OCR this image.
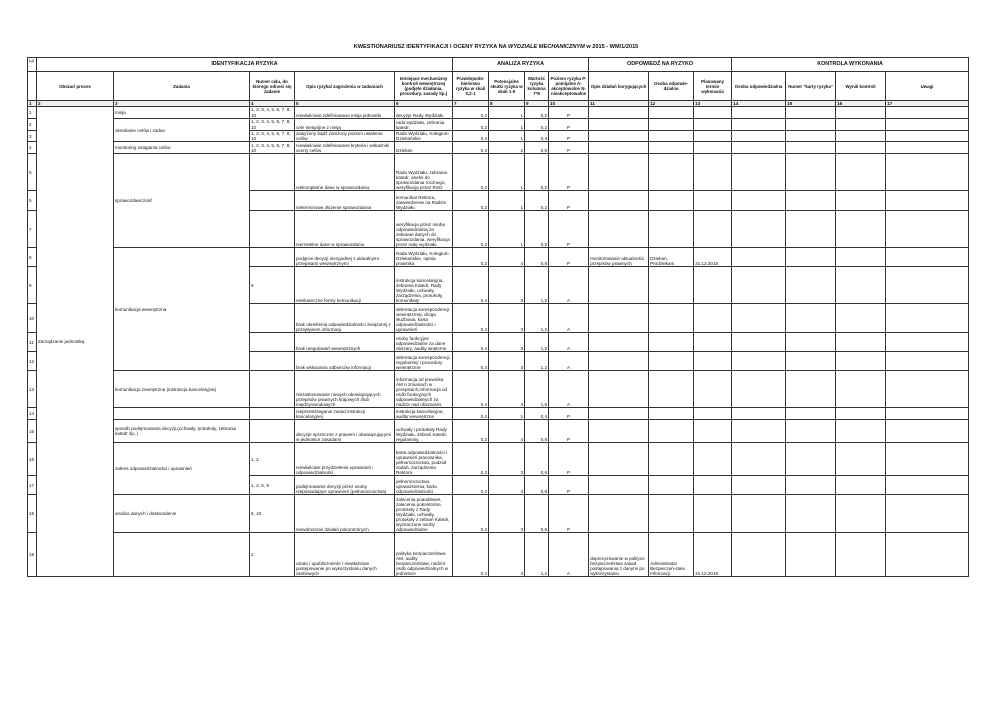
KWESTIONARIUSZ IDENTYFIKACJI I OCENY RYZYKA NA WYDZIALE MECHANICZNYM w 2015 - WM/1/2015
Lp
..	IDENTYFIKACJA RYZYKA					ANALIZA RYZYKA				ODPOWIEDŹ NA RYZYKO			KONTROLA WYKONANIA			
	Obszar/ proces	Zadania	Numer celu, do którego odnosi się zadanie	Opis ryzyka/ zagrożenia w zadaniach	Istniejące mechanizmy kontroli wewnętrznej (podjęte działania, procedury, zasady itp.)	Prawdopodo-bieństwo ryzyka w skali 0,2-1	Potencjalne skutki ryzyka w skali 1-5	Wartość ryzyka kolumna 7*8	Poziom ryzyka P-pomijalne A-akceptowalne N-nieakceptowalne	Opis działań korygujących	Osoba odpowie-dzialna	Planowany termin wykonania	Osoba odpowiedzialna	Numer "karty ryzyka"	Wynik kontroli	Uwagi
1	2	3	4	5	6	7	8	9	10	11	12	13	14	15	16	17
1	Zarządzanie jednostką	misja	1, 2, 3, 4, 5, 6, 7, 8, 10	niewłaściwie zdefiniowana misja jednostki	decyzje Rady Wydziału	0,2	1	0,2	P							
2		okreslanie celów i zadan	1, 2, 3, 4, 5, 6, 7, 8, 10	cele niespójne z misją	rada wydziału, zebrania katedr,	0,2	1	0,2	P							
3			1, 2, 3, 4, 5, 6, 7, 8, 10	zawyżony bądź zaniżony poziom ustalenia celów	Rada Wydziału, Kolegium Dziekańskie	0,4	1	0,4	P							
4		monitoring osiągania celów	1, 2, 3, 4, 5, 6, 7, 8, 10	niewłaściwie zdefiniowane kryteria i wskaźniki oceny celów	Dziekan	0,4	2	0,8	P							
5		sprawozdawczość		niekompletne dane w sprawozdaniu,	Rada Wydziału, zebrania katedr, aneks do sprawozdania rocznego, weryfikacja przez RSO	0,2	1	0,2	P							
6				nieterminowe złożenie sprawozdania	komunikat Rektora, zatwierdzenie na Radzie Wydziału	0,2	1	0,2	P							
7				nierzetelne dane w sprawozdaniu	weryfikacja przez osobę odpowiedzialną za zebranie danych do sprawozdania, weryfikacja przez radę wydziału	0,2	1	0,2	P							
8		komunikacja wewnętrzna		podjęcie decyzji niezgodnej z aktualnymi przepisami wewnętrznymi	Rada Wydziału, Kolegium Dziekańskie, opinia prawnika	0,2	4	0,8	P	monitorowanie aktualności przepisów prawnych	Dziekan, Prodziekani	31.12.2015				
9			9	nieskuteczne formy komunikacji	instrukcja kancelaryjna, zebrania Katedr, Rady Wydziału, uchwały, zarządzenia, protokoły, komunikaty	0,4	3	1,2	A							
10				brak określenia odpowiedzialności związanej z przepływem informacji	dekretacja korespondencji wewnętrznej, droga służbowa, karta odpowiedzialności i uprawnień	0,4	3	1,2	A							
11				brak uregulowań wewnętrznych	osoby funkcyjne odpowiedzialne za dane obszary, audity wnętrzne	0,4	3	1,2	A							
12				brak wskazania odbiorców informacji	dekretacja korespondencji, regulaminy i procedury wewnętrzne	0,4	3	1,2	A							
13		komunikacja zewnętrzna (instrukcja kancelaryjna)		niezastosowanie nowych obowiązujących przepisów prawnych krajowych i/lub międzynarodowych	informacja od prawnika AM o zmianach w przepisach,informacja od osób funkcyjnych odpowiedzialnych za nadzór nad obszarami	0,4	4	1,6	A							
14				nieprzestrzeganie zasad instrukcji kancelaryjnej	instrukcja kancelaryjna, audity wewnętrzne	0,4	1	0,4	P							
15		sposób podejmowania decyzji,(uchwały, protokoły, zebrania katedr itp..)		decyzje sprzeczne z prawem i obowiązującymi w jednostce zasadami	uchwały i protokoły Rady Wydziału, zebrań Katedr, regulaminy,	0,2	4	0,8	P							
16		zakres odpowiedzialności i uprawnień	1, 2	niewłaściwe przydzielenie uprawnień i odpowiedzialności	karta odpowiedzialności i uprawnień pracownika, pełnomocnictwa, podział zadań, zarządzenia Rektora	0,2	3	0,6	P							
17			1, 2, 5, 9	podejmowanie decyzji przez osoby nieposiadające uprawnień (pełnomocnictwa)	pełnomocnictwa, upoważnienia, karta odpowiedzialności	0,2	4	0,8	P							
18		analiza danych i doskonalenie	6, 10	niewdrożenie działań pokontrolnych	zalecenia poauditowe, zalecenia pokontrolne, protokoły z Rady Wydziału, uchwały, protokoły z zebrań Katedr, wyznaczone osoby odpowiedzialne	0,2	3	0,6	P							
19			2	utrata / upublicznienie / niewłaściwe postępowanie po wykorzystaniu danych osobowych	polityka bezpieczeństwa AM, audity bezpieczeństwa, nadzór osób odpowiedzialnych w jednostce	0,4	3	1,2	A	doprecyzowanie w polityce bezpieczeństwa zasad postępowania z danymi po wykorzystaniu	Administrator Bezpieczeń-stwa Informacji	31.12.2015				
